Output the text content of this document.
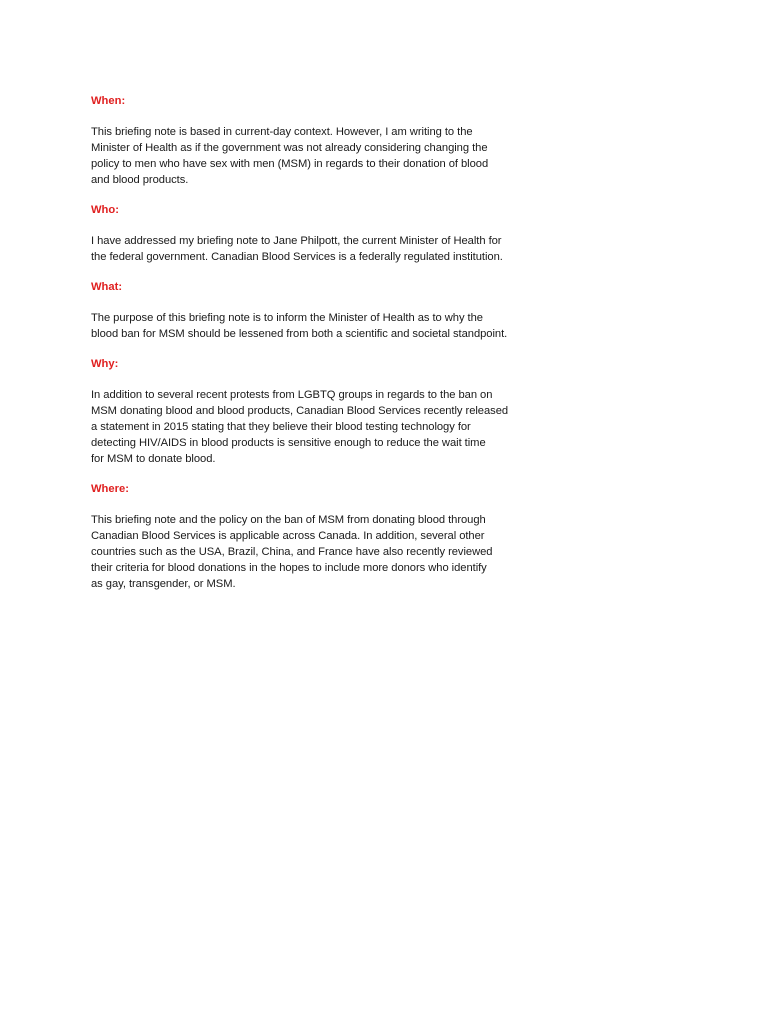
When:
This briefing note is based in current-day context. However, I am writing to the
Minister of Health as if the government was not already considering changing the
policy to men who have sex with men (MSM) in regards to their donation of blood
and blood products.
Who:
I have addressed my briefing note to Jane Philpott, the current Minister of Health for
the federal government. Canadian Blood Services is a federally regulated institution.
What:
The purpose of this briefing note is to inform the Minister of Health as to why the
blood ban for MSM should be lessened from both a scientific and societal standpoint.
Why:
In addition to several recent protests from LGBTQ groups in regards to the ban on
MSM donating blood and blood products, Canadian Blood Services recently released
a statement in 2015 stating that they believe their blood testing technology for
detecting HIV/AIDS in blood products is sensitive enough to reduce the wait time
for MSM to donate blood.
Where:
This briefing note and the policy on the ban of MSM from donating blood through
Canadian Blood Services is applicable across Canada. In addition, several other
countries such as the USA, Brazil, China, and France have also recently reviewed
their criteria for blood donations in the hopes to include more donors who identify
as gay, transgender, or MSM.
